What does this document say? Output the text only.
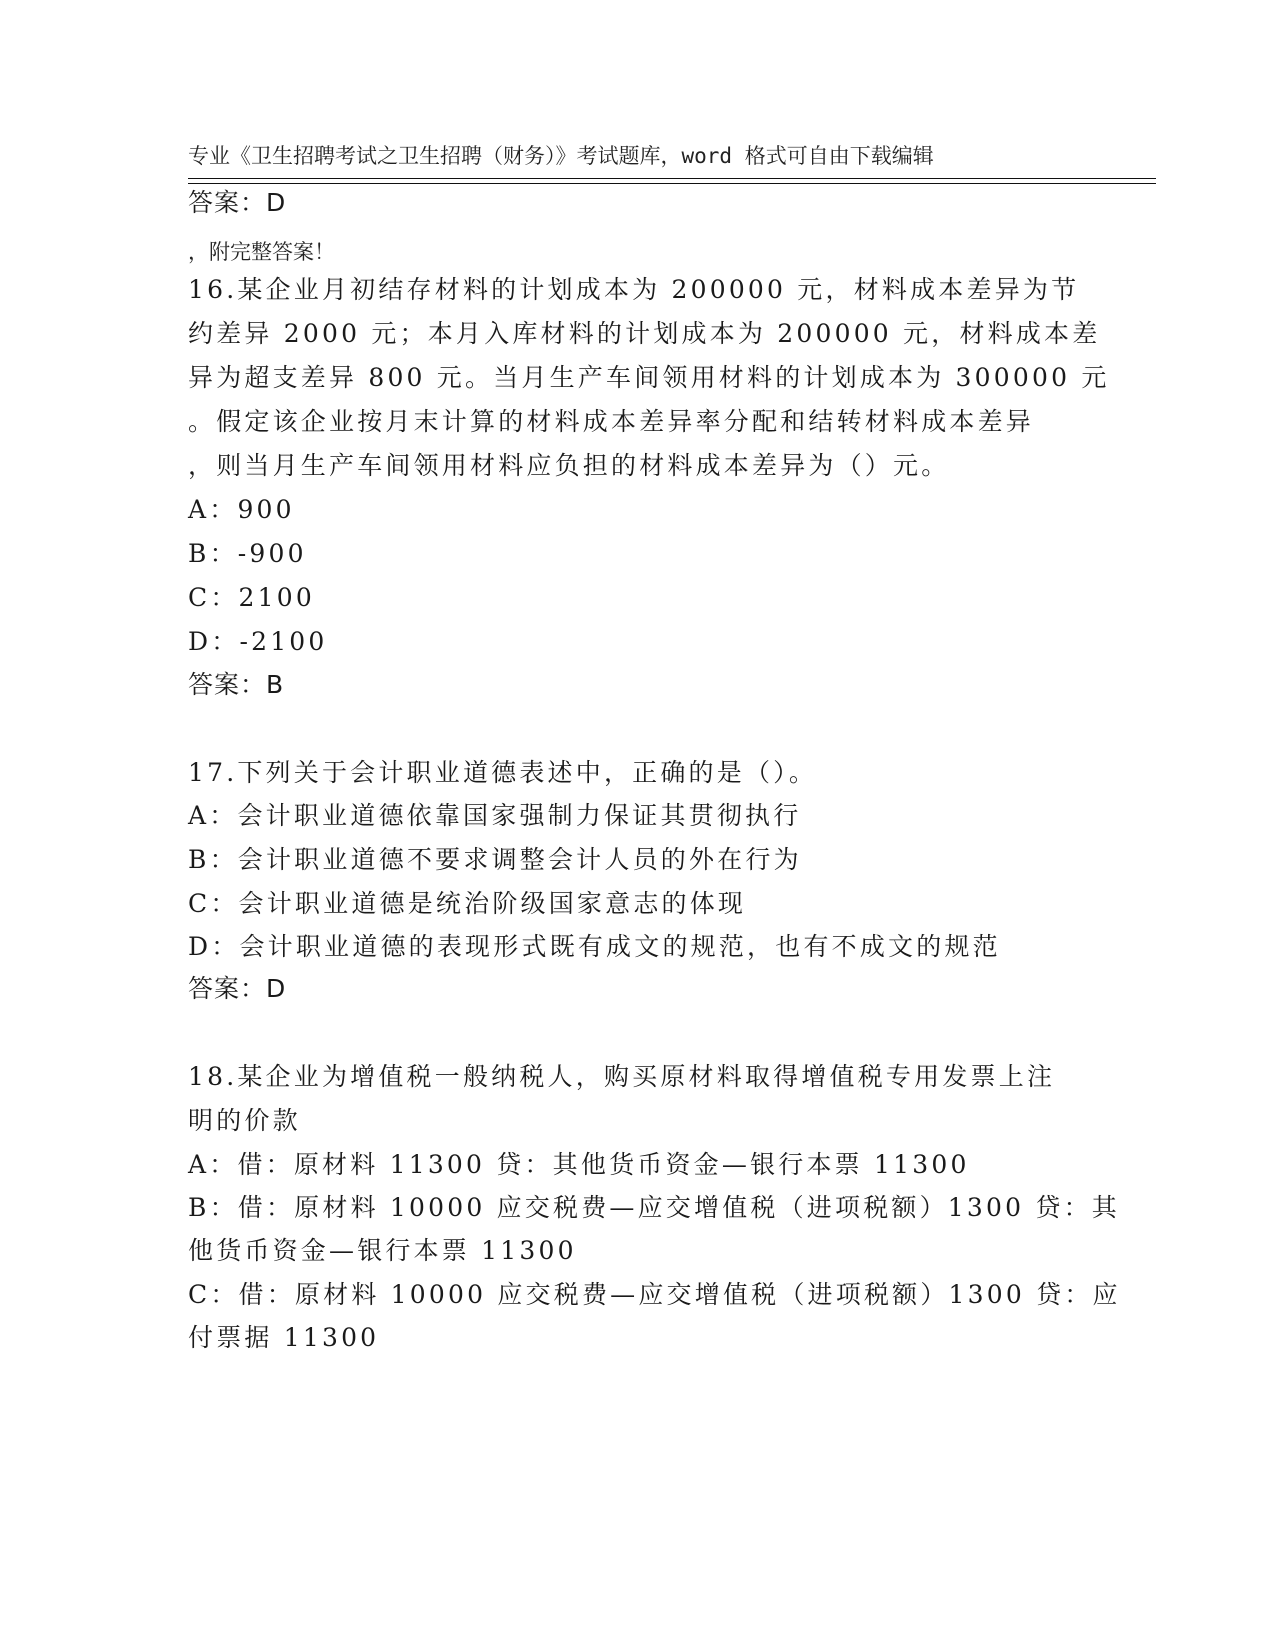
专业《卫生招聘考试之卫生招聘（财务）》考试题库，word 格式可自由下载编辑

，附完整答案！

答案：D
16.某企业月初结存材料的计划成本为 200000 元，材料成本差异为节
约差异 2000 元；本月入库材料的计划成本为 200000 元，材料成本差
异为超支差异 800 元。当月生产车间领用材料的计划成本为 300000 元
。假定该企业按月末计算的材料成本差异率分配和结转材料成本差异
，则当月生产车间领用材料应负担的材料成本差异为（）元。
A：900
B：-900
C：2100
D：-2100
答案：B
17.下列关于会计职业道德表述中，正确的是（）。
A：会计职业道德依靠国家强制力保证其贯彻执行
B：会计职业道德不要求调整会计人员的外在行为
C：会计职业道德是统治阶级国家意志的体现
D：会计职业道德的表现形式既有成文的规范，也有不成文的规范
答案：D
18.某企业为增值税一般纳税人，购买原材料取得增值税专用发票上注
明的价款
A：借：原材料 11300 贷：其他货币资金—银行本票 11300
B：借：原材料 10000 应交税费—应交增值税（进项税额）1300 贷：其
他货币资金—银行本票 11300
C：借：原材料 10000 应交税费—应交增值税（进项税额）1300 贷：应
付票据 11300
